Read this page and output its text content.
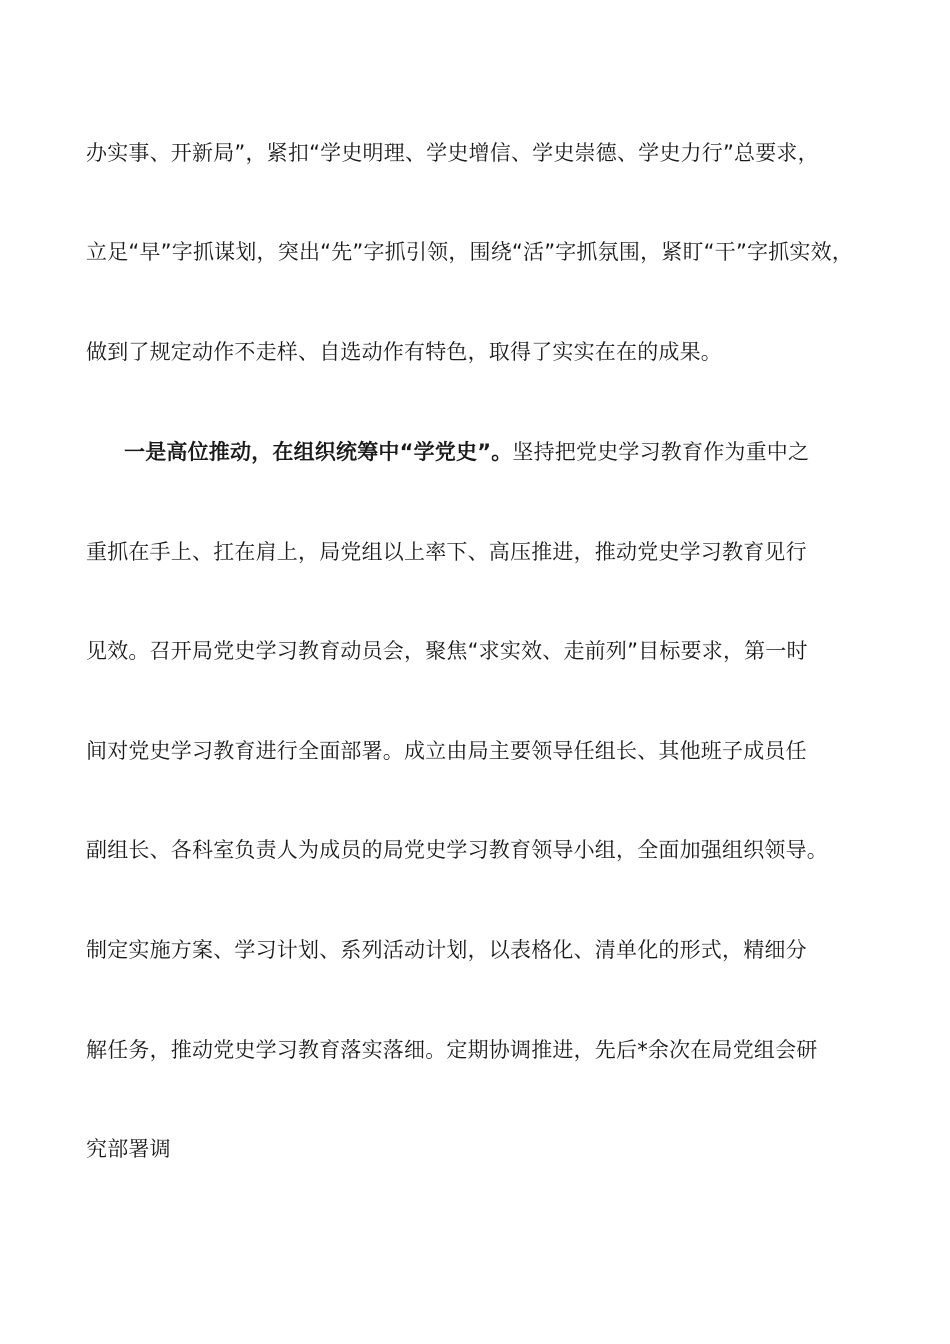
办实事、开新局”，紧扣“学史明理、学史增信、学史崇德、学史力行”总要求，
立足“早”字抓谋划，突出“先”字抓引领，围绕“活”字抓氛围，紧盯“干”字抓实效，
做到了规定动作不走样、自选动作有特色，取得了实实在在的成果。
一是高位推动，在组织统筹中“学党史”。坚持把党史学习教育作为重中之
重抓在手上、扛在肩上，局党组以上率下、高压推进，推动党史学习教育见行
见效。召开局党史学习教育动员会，聚焦“求实效、走前列”目标要求，第一时
间对党史学习教育进行全面部署。成立由局主要领导任组长、其他班子成员任
副组长、各科室负责人为成员的局党史学习教育领导小组，全面加强组织领导。
制定实施方案、学习计划、系列活动计划，以表格化、清单化的形式，精细分
解任务，推动党史学习教育落实落细。定期协调推进，先后*余次在局党组会研
究部署调
